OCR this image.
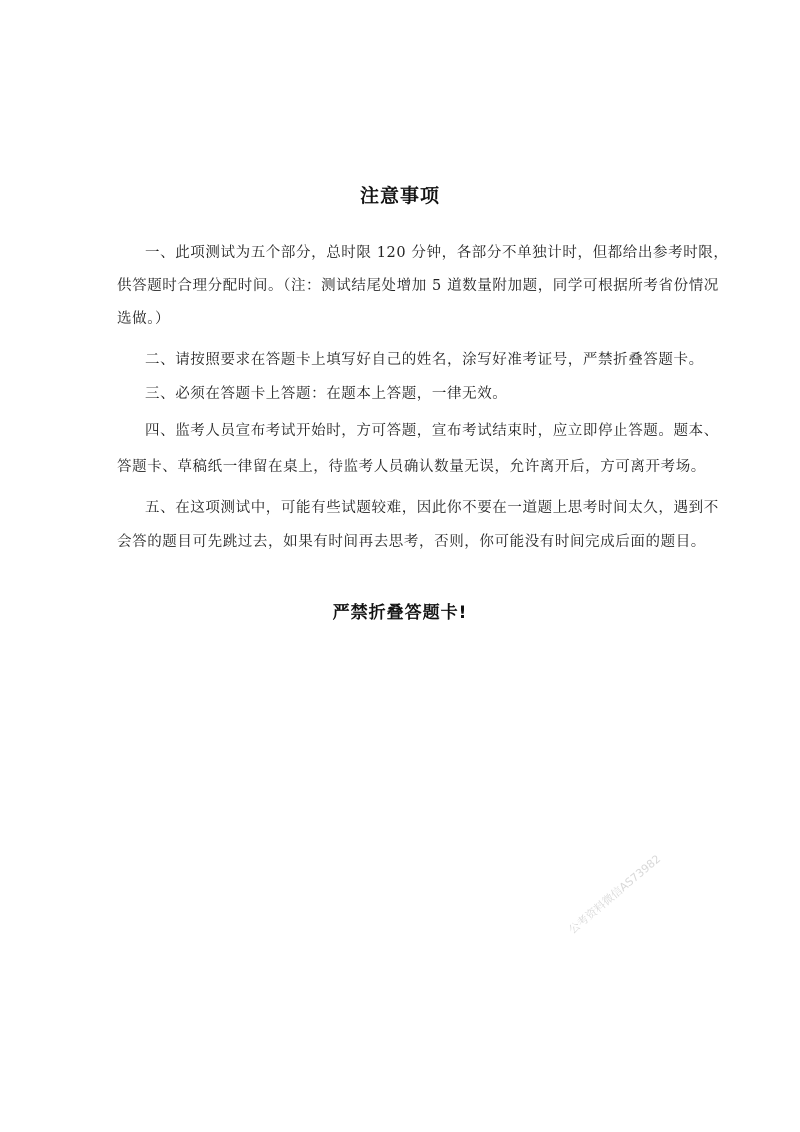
注意事项
一、此项测试为五个部分，总时限 120 分钟，各部分不单独计时，但都给出参考时限，
供答题时合理分配时间。（注：测试结尾处增加 5 道数量附加题，同学可根据所考省份情况
选做。）
二、请按照要求在答题卡上填写好自己的姓名，涂写好准考证号，严禁折叠答题卡。
三、必须在答题卡上答题：在题本上答题，一律无效。
四、监考人员宣布考试开始时，方可答题，宣布考试结束时，应立即停止答题。题本、
答题卡、草稿纸一律留在桌上，待监考人员确认数量无误，允许离开后，方可离开考场。
五、在这项测试中，可能有些试题较难，因此你不要在一道题上思考时间太久，遇到不
会答的题目可先跳过去，如果有时间再去思考，否则，你可能没有时间完成后面的题目。
严禁折叠答题卡!
公考资料微信AS73982
